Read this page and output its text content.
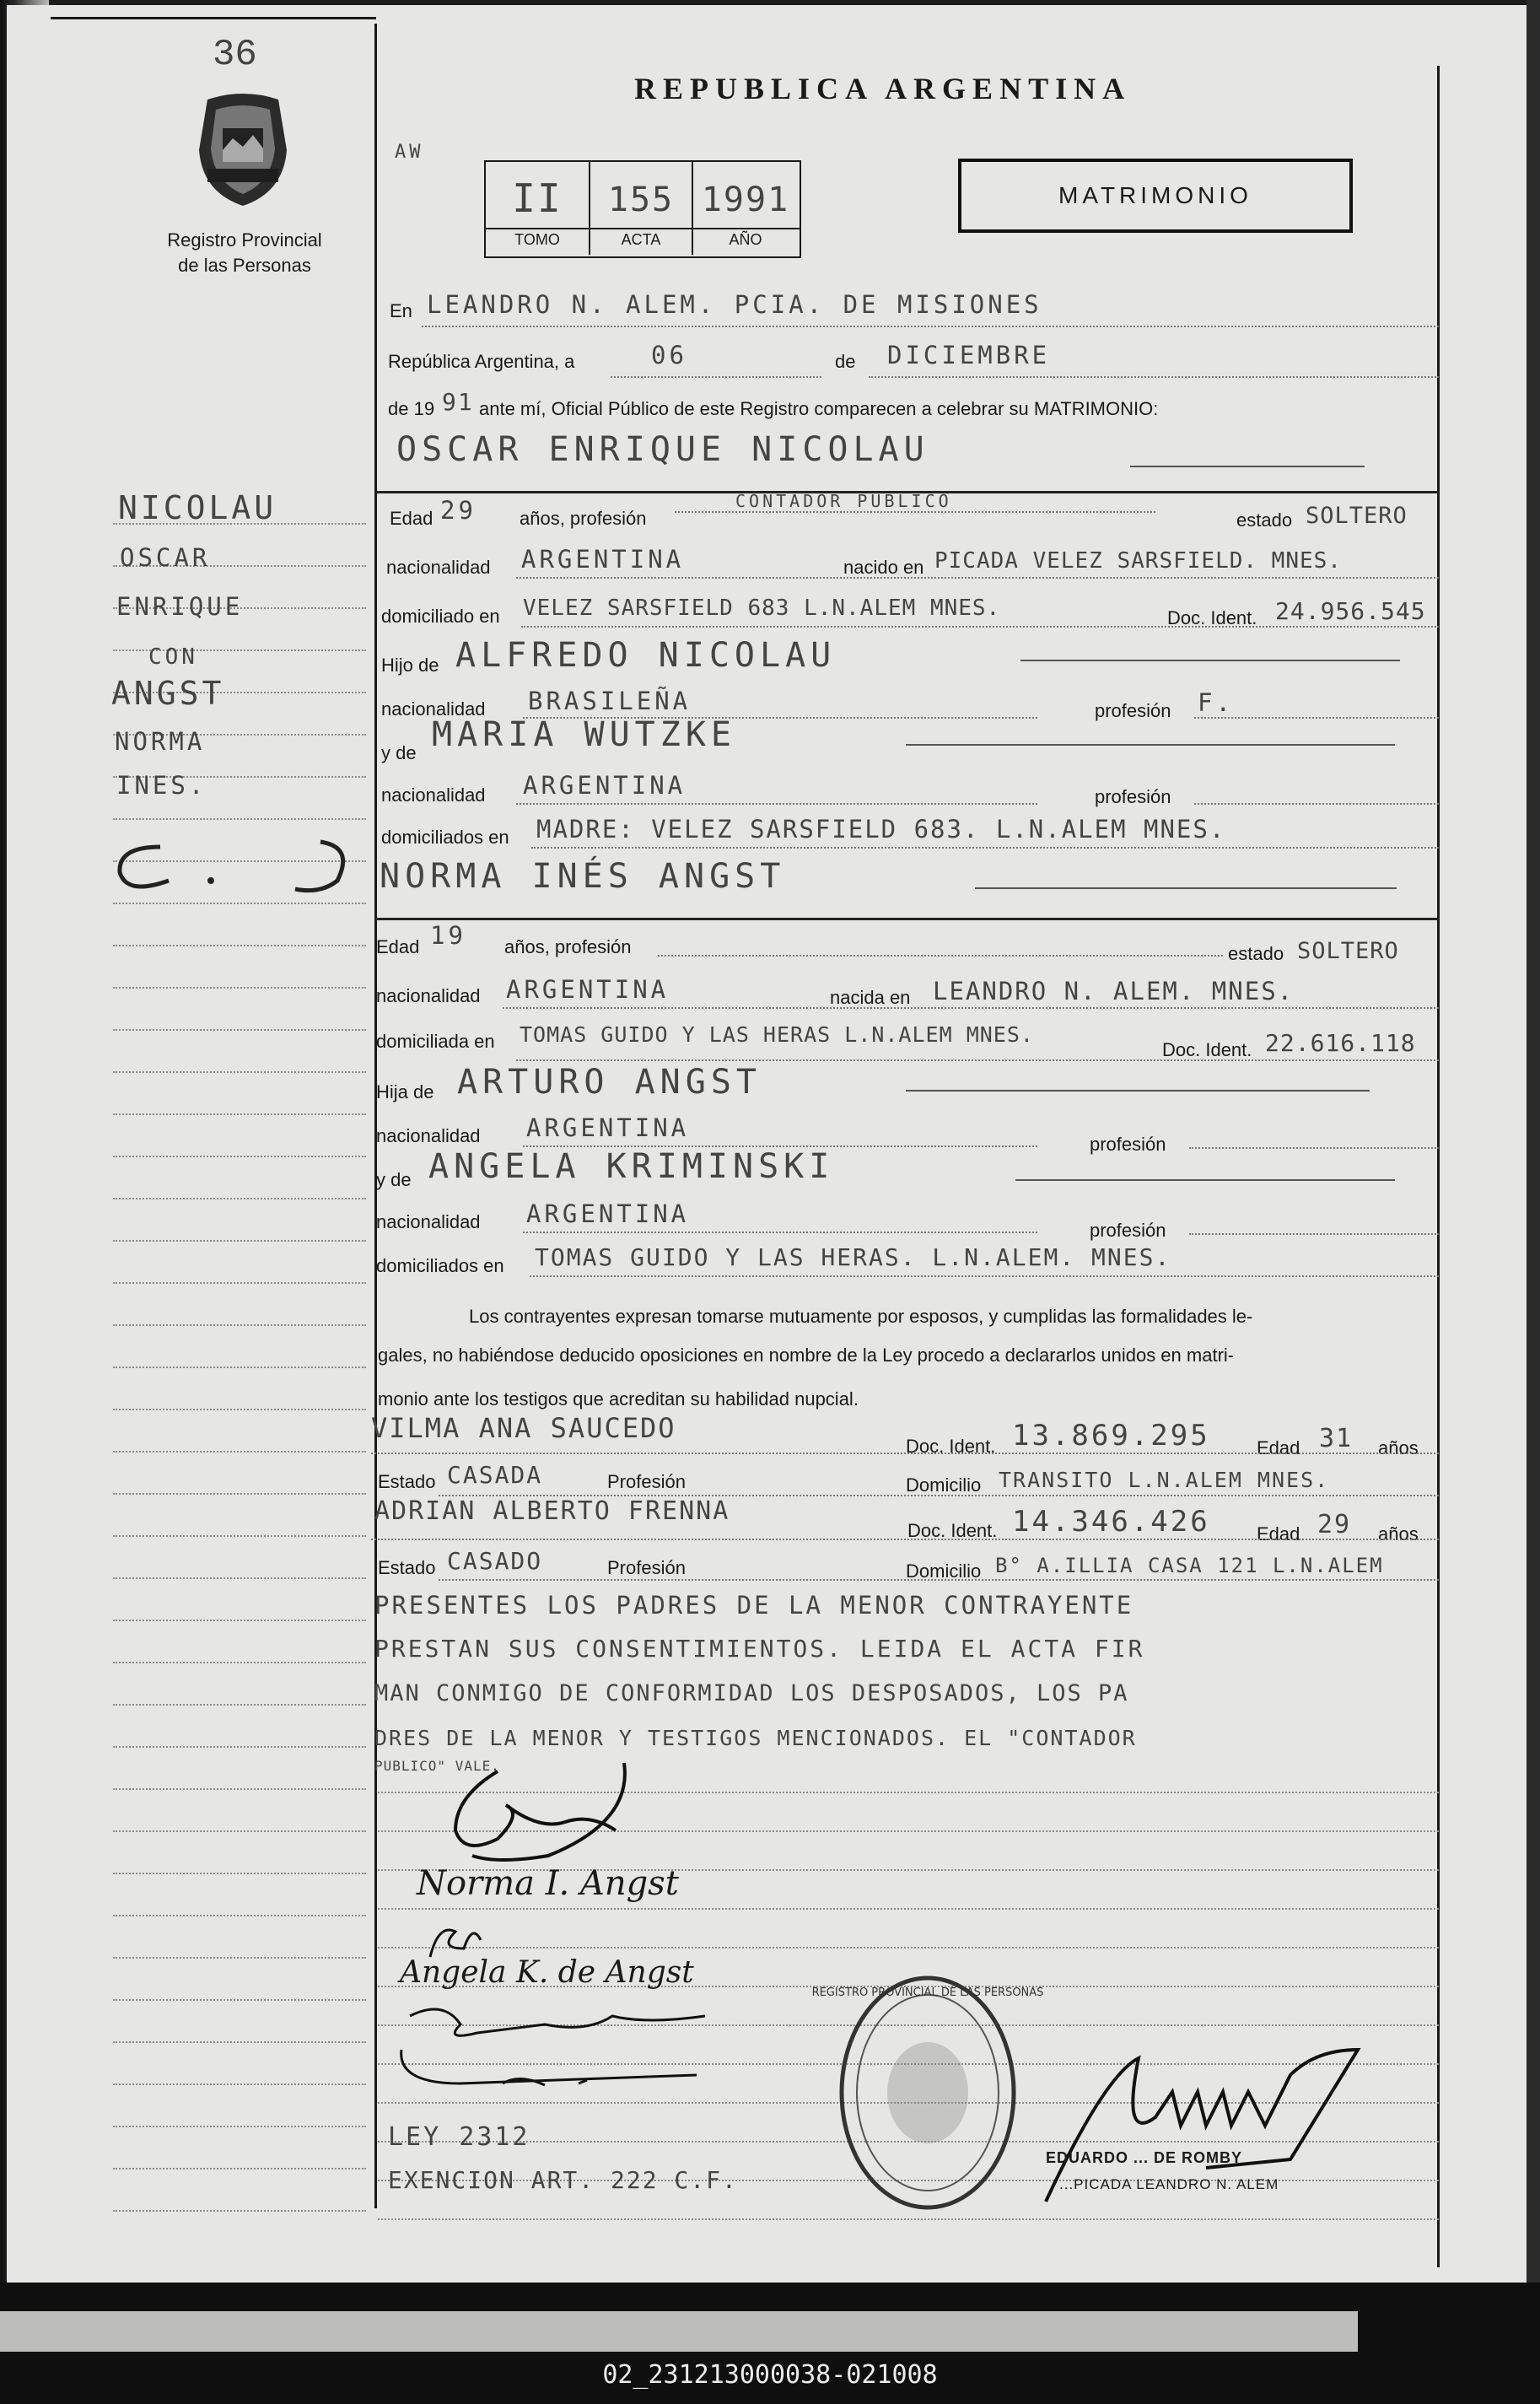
02_231213000038-021008
36
Registro Provincial
de las Personas
REPUBLICA ARGENTINA
AW
II	155 1991
TOMO	ACTA	AÑO
MATRIMONIO
NICOLAU
OSCAR
ENRIQUE
CON
ANGST
NORMA
INES.
En LEANDRO N. ALEM. PCIA. DE MISIONES
República Argentina, a	06	de DICIEMBRE
de 19 91 ante mí, Oficial Público de este Registro comparecen a celebrar su MATRIMONIO:
OSCAR ENRIQUE NICOLAU
Edad 29 años, profesión
CONTADOR PUBLICO
estado SOLTERO
nacionalidad ARGENTINA	nacido en PICADA VELEZ SARSFIELD. MNES.
domiciliado en VELEZ SARSFIELD 683 L.N.ALEM MNES.	Doc. Ident. 24.956.545
Hijo de ALFREDO NICOLAU
nacionalidad BRASILEÑA	profesión F.
y de MARIA WUTZKE
nacionalidad ARGENTINA	profesión
domiciliados en MADRE: VELEZ SARSFIELD 683. L.N.ALEM MNES.
NORMA INÉS ANGST
Edad 19 años, profesión	estado SOLTERO
nacionalidad ARGENTINA	nacida en LEANDRO N. ALEM. MNES.
domiciliada en TOMAS GUIDO Y LAS HERAS L.N.ALEM MNES.
Doc. Ident. 22.616.118
Hija de ARTURO ANGST
nacionalidad ARGENTINA
profesión
y de ANGELA KRIMINSKI
nacionalidad ARGENTINA
profesión
domiciliados en TOMAS GUIDO Y LAS HERAS. L.N.ALEM. MNES.
Los contrayentes expresan tomarse mutuamente por esposos, y cumplidas las formalidades le-
gales, no habiéndose deducido oposiciones en nombre de la Ley procedo a declararlos unidos en matri-
monio ante los testigos que acreditan su habilidad nupcial.
VILMA ANA SAUCEDO
Doc. Ident. 13.869.295	Edad 31 años
Estado CASADA	Profesión	Domicilio TRANSITO L.N.ALEM MNES.
ADRIAN ALBERTO FRENNA
Doc. Ident. 14.346.426	Edad 29 años
Estado CASADO	Profesión	Domicilio B° A.ILLIA CASA 121 L.N.ALEM
PRESENTES LOS PADRES DE LA MENOR CONTRAYENTE
PRESTAN SUS CONSENTIMIENTOS. LEIDA EL ACTA FIR
MAN CONMIGO DE CONFORMIDAD LOS DESPOSADOS, LOS PA
DRES DE LA MENOR Y TESTIGOS MENCIONADOS. EL "CONTADOR
PUBLICO" VALE.
Norma I. Angst
Angela K. de Angst
LEY 2312
EXENCION ART. 222 C.F.
REGISTRO PROVINCIAL DE LAS PERSONAS
EDUARDO ... DE ROMBY
...PICADA LEANDRO N. ALEM
